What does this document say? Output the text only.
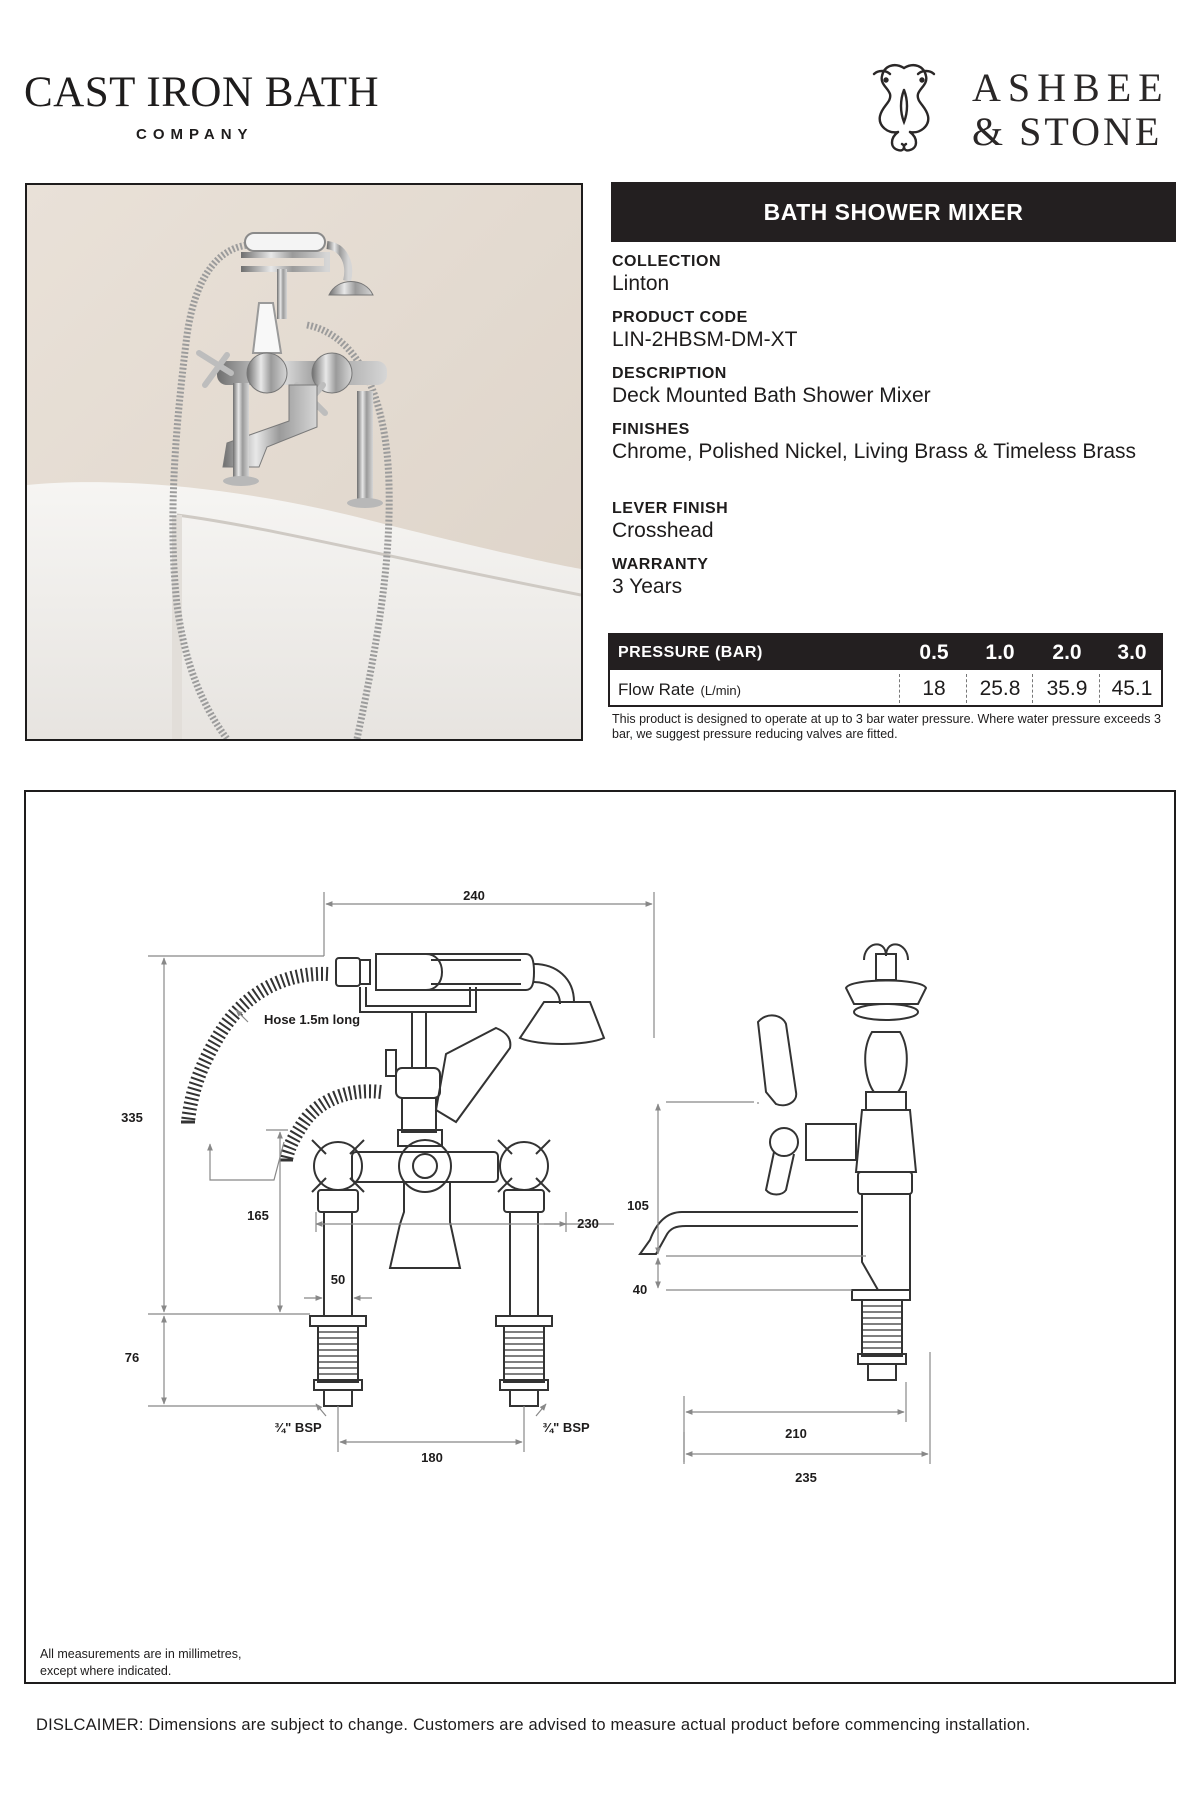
CAST IRON BATH
COMPANY
ASHBEE
& STONE
BATH SHOWER MIXER
COLLECTION
Linton
PRODUCT CODE
LIN-2HBSM-DM-XT
DESCRIPTION
Deck Mounted Bath Shower Mixer
FINISHES
Chrome, Polished Nickel, Living Brass & Timeless Brass
LEVER FINISH
Crosshead
WARRANTY
3 Years
PRESSURE (BAR)	0.5	1.0	2.0	3.0
Flow Rate (L/min)	18	25.8	35.9	45.1
This product is designed to operate at up to 3 bar water pressure. Where water pressure exceeds 3 bar, we suggest pressure reducing valves are fitted.
240
335
Hose 1.5m long
165
230
50
76
¾" BSP	¾" BSP
180
105
40
210
235
All measurements are in millimetres,
except where indicated.
DISLCAIMER: Dimensions are subject to change. Customers are advised to measure actual product before commencing installation.
